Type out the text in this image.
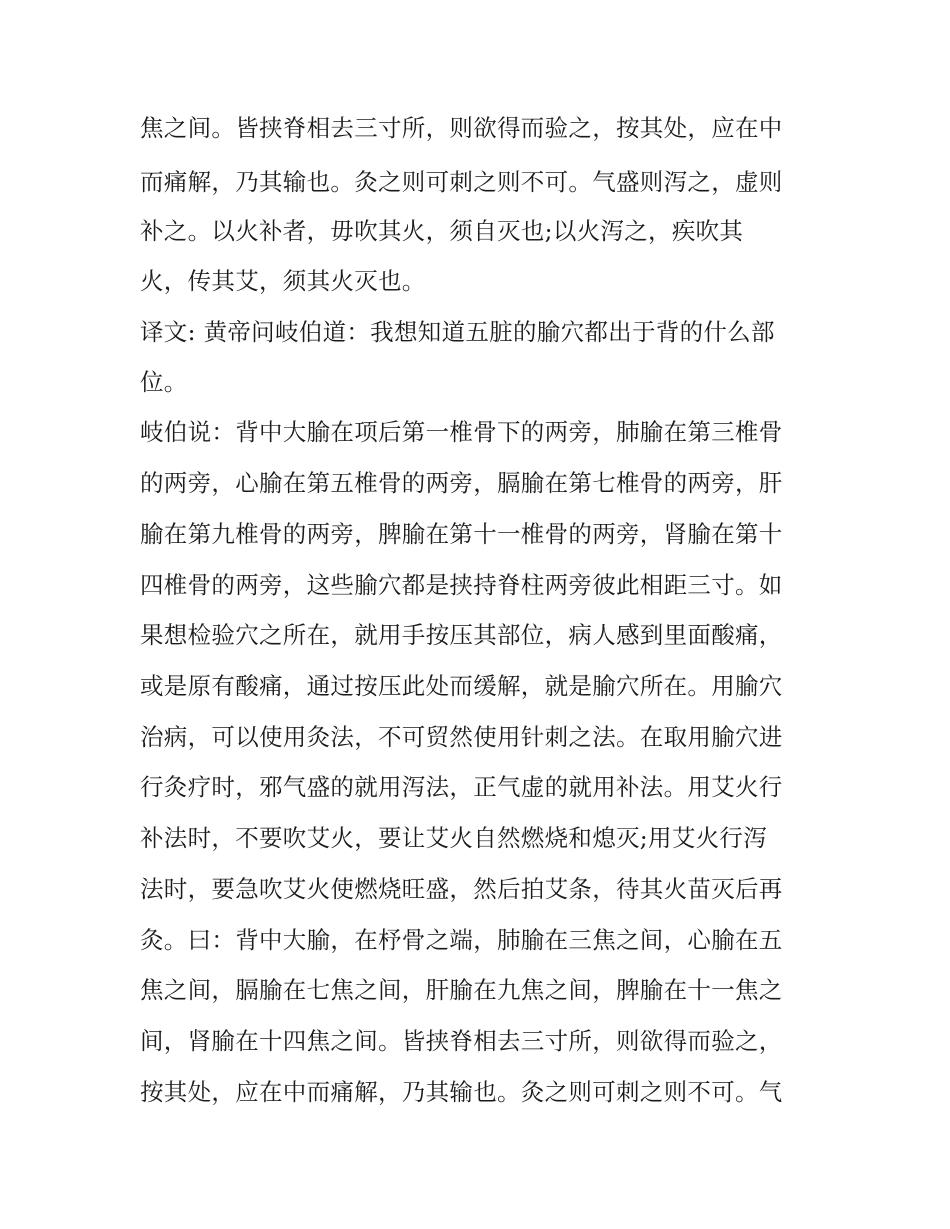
焦之间。皆挟脊相去三寸所，则欲得而验之，按其处，应在中
而痛解，乃其输也。灸之则可刺之则不可。气盛则泻之，虚则
补之。以火补者，毋吹其火，须自灭也;以火泻之，疾吹其
火，传其艾，须其火灭也。
译文: 黄帝问岐伯道：我想知道五脏的腧穴都出于背的什么部
位。
岐伯说：背中大腧在项后第一椎骨下的两旁，肺腧在第三椎骨
的两旁，心腧在第五椎骨的两旁，膈腧在第七椎骨的两旁，肝
腧在第九椎骨的两旁，脾腧在第十一椎骨的两旁，肾腧在第十
四椎骨的两旁，这些腧穴都是挟持脊柱两旁彼此相距三寸。如
果想检验穴之所在，就用手按压其部位，病人感到里面酸痛，
或是原有酸痛，通过按压此处而缓解，就是腧穴所在。用腧穴
治病，可以使用灸法，不可贸然使用针刺之法。在取用腧穴进
行灸疗时，邪气盛的就用泻法，正气虚的就用补法。用艾火行
补法时，不要吹艾火，要让艾火自然燃烧和熄灭;用艾火行泻
法时，要急吹艾火使燃烧旺盛，然后拍艾条，待其火苗灭后再
灸。曰：背中大腧，在杼骨之端，肺腧在三焦之间，心腧在五
焦之间，膈腧在七焦之间，肝腧在九焦之间，脾腧在十一焦之
间，肾腧在十四焦之间。皆挟脊相去三寸所，则欲得而验之，
按其处，应在中而痛解，乃其输也。灸之则可刺之则不可。气
